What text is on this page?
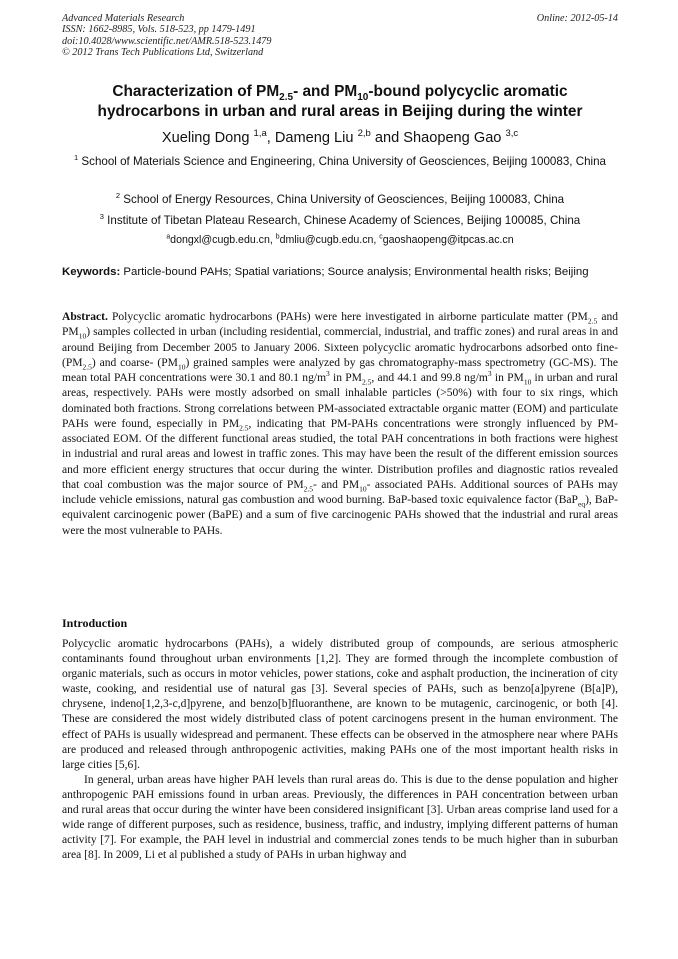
Advanced Materials Research
ISSN: 1662-8985, Vols. 518-523, pp 1479-1491
doi:10.4028/www.scientific.net/AMR.518-523.1479
© 2012 Trans Tech Publications Ltd, Switzerland
Online: 2012-05-14
Characterization of $PM_{2.5}-$ and $PM_{10}$-bound polycyclic aromatic hydrocarbons in urban and rural areas in Beijing during the winter
Xueling Dong $^{1,a}$, Dameng Liu $^{2,b}$ and Shaopeng Gao $^{3,c}$
$^1$ School of Materials Science and Engineering, China University of Geosciences, Beijing 100083, China
$^2$ School of Energy Resources, China University of Geosciences, Beijing 100083, China
$^3$ Institute of Tibetan Plateau Research, Chinese Academy of Sciences, Beijing 100085, China
$^a$dongxl@cugb.edu.cn, $^b$dmliu@cugb.edu.cn, $^c$gaoshaopeng@itpcas.ac.cn
Keywords: Particle-bound PAHs; Spatial variations; Source analysis; Environmental health risks; Beijing
Abstract. Polycyclic aromatic hydrocarbons (PAHs) were here investigated in airborne particulate matter ($PM_{2.5}$ and $PM_{10}$) samples collected in urban (including residential, commercial, industrial, and traffic zones) and rural areas in and around Beijing from December 2005 to January 2006. Sixteen polycyclic aromatic hydrocarbons adsorbed onto fine- $(PM_{2.5})$ and coarse- $(PM_{10})$ grained samples were analyzed by gas chromatography-mass spectrometry (GC-MS). The mean total PAH concentrations were 30.1 and 80.1 $ng/m^3$ in $PM_{2.5}$, and 44.1 and 99.8 $ng/m^3$ in $PM_{10}$ in urban and rural areas, respectively. PAHs were mostly adsorbed on small inhalable particles (>50%) with four to six rings, which dominated both fractions. Strong correlations between PM-associated extractable organic matter (EOM) and particulate PAHs were found, especially in $PM_{2.5}$, indicating that PM-PAHs concentrations were strongly influenced by PM-associated EOM. Of the different functional areas studied, the total PAH concentrations in both fractions were highest in industrial and rural areas and lowest in traffic zones. This may have been the result of the different emission sources and more efficient energy structures that occur during the winter. Distribution profiles and diagnostic ratios revealed that coal combustion was the major source of $PM_{2.5}-$ and $PM_{10}-$ associated PAHs. Additional sources of PAHs may include vehicle emissions, natural gas combustion and wood burning. BaP-based toxic equivalence factor (BaP$_{eq}$), BaP-equivalent carcinogenic power (BaPE) and a sum of five carcinogenic PAHs showed that the industrial and rural areas were the most vulnerable to PAHs.
Introduction

Polycyclic aromatic hydrocarbons (PAHs), a widely distributed group of compounds, are serious atmospheric contaminants found throughout urban environments [1,2]. They are formed through the incomplete combustion of organic materials, such as occurs in motor vehicles, power stations, coke and asphalt production, the incineration of city waste, cooking, and residential use of natural gas [3]. Several species of PAHs, such as benzo[a]pyrene (B[a]P), chrysene, indeno[1,2,3-c,d]pyrene, and benzo[b]fluoranthene, are known to be mutagenic, carcinogenic, or both [4]. These are considered the most widely distributed class of potent carcinogens present in the human environment. The effect of PAHs is usually widespread and permanent. These effects can be observed in the atmosphere near where PAHs are produced and released through anthropogenic activities, making PAHs one of the most important health risks in large cities [5,6].

In general, urban areas have higher PAH levels than rural areas do. This is due to the dense population and higher anthropogenic PAH emissions found in urban areas. Previously, the differences in PAH concentration between urban and rural areas that occur during the winter have been considered insignificant [3]. Urban areas comprise land used for a wide range of different purposes, such as residence, business, traffic, and industry, implying different patterns of human activity [7]. For example, the PAH level in industrial and commercial zones tends to be much higher than in suburban area [8]. In 2009, Li et al published a study of PAHs in urban highway and
